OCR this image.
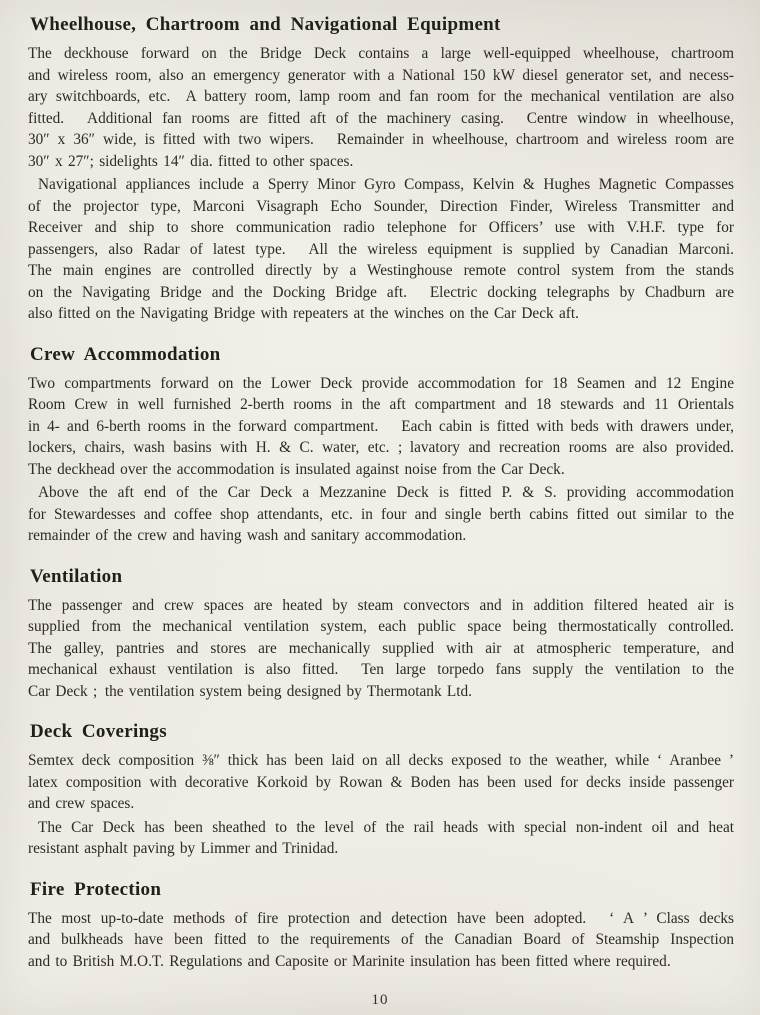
Wheelhouse, Chartroom and Navigational Equipment

The deckhouse forward on the Bridge Deck contains a large well-equipped wheelhouse, chartroom
and wireless room, also an emergency generator with a National 150 kW diesel generator set, and necess-
ary switchboards, etc.  A battery room, lamp room and fan room for the mechanical ventilation are also
fitted.   Additional fan rooms are fitted aft of the machinery casing.   Centre window in wheelhouse,
30″ x 36″ wide, is fitted with two wipers.   Remainder in wheelhouse, chartroom and wireless room are
30″ x 27″; sidelights 14″ dia. fitted to other spaces.

Navigational appliances include a Sperry Minor Gyro Compass, Kelvin & Hughes Magnetic Compasses
of the projector type, Marconi Visagraph Echo Sounder, Direction Finder, Wireless Transmitter and
Receiver and ship to shore communication radio telephone for Officers’ use with V.H.F. type for
passengers, also Radar of latest type.   All the wireless equipment is supplied by Canadian Marconi.
The main engines are controlled directly by a Westinghouse remote control system from the stands
on the Navigating Bridge and the Docking Bridge aft.   Electric docking telegraphs by Chadburn are
also fitted on the Navigating Bridge with repeaters at the winches on the Car Deck aft.

Crew Accommodation

Two compartments forward on the Lower Deck provide accommodation for 18 Seamen and 12 Engine
Room Crew in well furnished 2-berth rooms in the aft compartment and 18 stewards and 11 Orientals
in 4- and 6-berth rooms in the forward compartment.   Each cabin is fitted with beds with drawers under,
lockers, chairs, wash basins with H. & C. water, etc. ; lavatory and recreation rooms are also provided.
The deckhead over the accommodation is insulated against noise from the Car Deck.

Above the aft end of the Car Deck a Mezzanine Deck is fitted P. & S. providing accommodation
for Stewardesses and coffee shop attendants, etc. in four and single berth cabins fitted out similar to the
remainder of the crew and having wash and sanitary accommodation.

Ventilation

The passenger and crew spaces are heated by steam convectors and in addition filtered heated air is
supplied from the mechanical ventilation system, each public space being thermostatically controlled.
The galley, pantries and stores are mechanically supplied with air at atmospheric temperature, and
mechanical exhaust ventilation is also fitted.   Ten large torpedo fans supply the ventilation to the
Car Deck ; the ventilation system being designed by Thermotank Ltd.

Deck Coverings

Semtex deck composition ⅜″ thick has been laid on all decks exposed to the weather, while ‘ Aranbee ’
latex composition with decorative Korkoid by Rowan & Boden has been used for decks inside passenger
and crew spaces.

The Car Deck has been sheathed to the level of the rail heads with special non-indent oil and heat
resistant asphalt paving by Limmer and Trinidad.

Fire Protection

The most up-to-date methods of fire protection and detection have been adopted.   ‘ A ’ Class decks
and bulkheads have been fitted to the requirements of the Canadian Board of Steamship Inspection
and to British M.O.T. Regulations and Caposite or Marinite insulation has been fitted where required.

10
